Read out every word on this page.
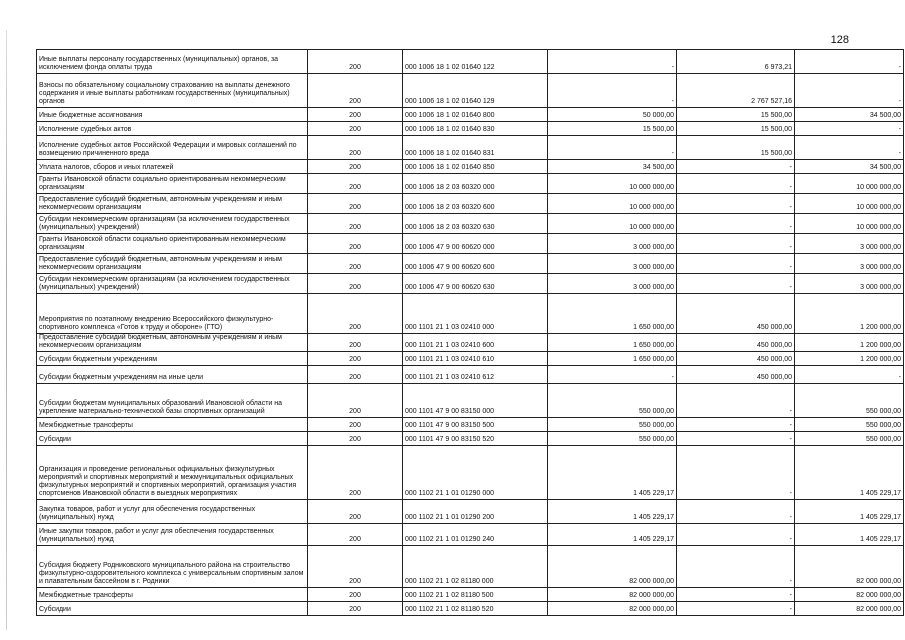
128
Иные выплаты персоналу государственных (муниципальных) органов, за исключением фонда оплаты труда	200	000 1006 18 1 02 01640 122	-	6 973,21	-
Взносы по обязательному социальному страхованию на выплаты денежного содержания и иные выплаты работникам государственных (муниципальных) органов	200	000 1006 18 1 02 01640 129	-	2 767 527,16	-
Иные бюджетные ассигнования	200	000 1006 18 1 02 01640 800	50 000,00	15 500,00	34 500,00
Исполнение судебных актов	200	000 1006 18 1 02 01640 830	15 500,00	15 500,00	-
Исполнение судебных актов Российской Федерации и мировых соглашений по возмещению причиненного вреда	200	000 1006 18 1 02 01640 831	-	15 500,00	-
Уплата налогов, сборов и иных платежей	200	000 1006 18 1 02 01640 850	34 500,00	-	34 500,00
Гранты Ивановской области социально ориентированным некоммерческим организациям	200	000 1006 18 2 03 60320 000	10 000 000,00	-	10 000 000,00
Предоставление субсидий бюджетным, автономным учреждениям и иным некоммерческим организациям	200	000 1006 18 2 03 60320 600	10 000 000,00	-	10 000 000,00
Субсидии некоммерческим организациям (за исключением государственных (муниципальных) учреждений)	200	000 1006 18 2 03 60320 630	10 000 000,00	-	10 000 000,00
Гранты Ивановской области социально ориентированным некоммерческим организациям	200	000 1006 47 9 00 60620 000	3 000 000,00	-	3 000 000,00
Предоставление субсидий бюджетным, автономным учреждениям и иным некоммерческим организациям	200	000 1006 47 9 00 60620 600	3 000 000,00	-	3 000 000,00
Субсидии некоммерческим организациям (за исключением государственных (муниципальных) учреждений)	200	000 1006 47 9 00 60620 630	3 000 000,00	-	3 000 000,00
Мероприятия по поэтапному внедрению Всероссийского физкультурно-спортивного комплекса «Готов к труду и обороне» (ГТО)	200	000 1101 21 1 03 02410 000	1 650 000,00	450 000,00	1 200 000,00
Предоставление субсидий бюджетным, автономным учреждениям и иным некоммерческим организациям	200	000 1101 21 1 03 02410 600	1 650 000,00	450 000,00	1 200 000,00
Субсидии бюджетным учреждениям	200	000 1101 21 1 03 02410 610	1 650 000,00	450 000,00	1 200 000,00
Субсидии бюджетным учреждениям на иные цели	200	000 1101 21 1 03 02410 612	-	450 000,00	-
Субсидии бюджетам муниципальных образований Ивановской области на укрепление материально-технической базы спортивных организаций	200	000 1101 47 9 00 83150 000	550 000,00	-	550 000,00
Межбюджетные трансферты	200	000 1101 47 9 00 83150 500	550 000,00	-	550 000,00
Субсидии	200	000 1101 47 9 00 83150 520	550 000,00	-	550 000,00
Организация и проведение региональных официальных физкультурных мероприятий и спортивных мероприятий и межмуниципальных официальных физкультурных мероприятий и спортивных мероприятий, организация участия спортсменов Ивановской области в выездных мероприятиях	200	000 1102 21 1 01 01290 000	1 405 229,17	-	1 405 229,17
Закупка товаров, работ и услуг для обеспечения государственных (муниципальных) нужд	200	000 1102 21 1 01 01290 200	1 405 229,17	-	1 405 229,17
Иные закупки товаров, работ и услуг для обеспечения государственных (муниципальных) нужд	200	000 1102 21 1 01 01290 240	1 405 229,17	-	1 405 229,17
Субсидия бюджету Родниковского муниципального района на строительство физкультурно-оздоровительного комплекса с универсальным спортивным залом и плавательным бассейном в г. Родники	200	000 1102 21 1 02 81180 000	82 000 000,00	-	82 000 000,00
Межбюджетные трансферты	200	000 1102 21 1 02 81180 500	82 000 000,00	-	82 000 000,00
Субсидии	200	000 1102 21 1 02 81180 520	82 000 000,00	-	82 000 000,00
